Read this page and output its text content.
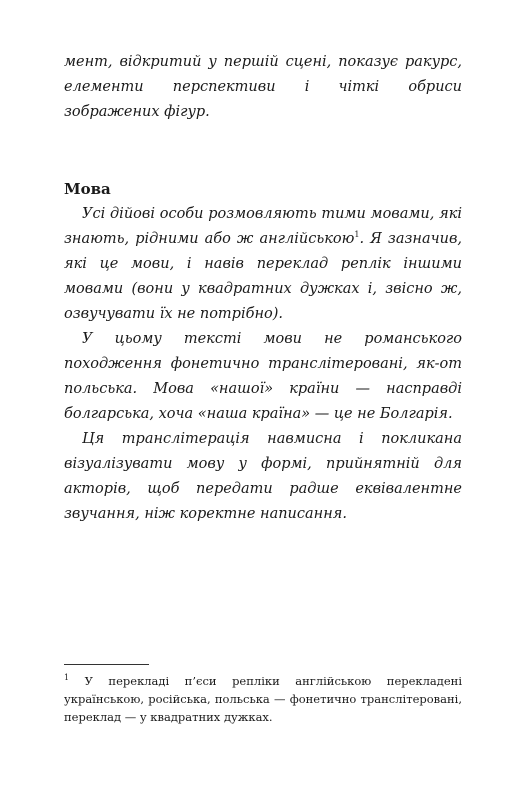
мент, відкритий у першій сцені, показує ракурс, елементи перспективи і чіткі обриси зображених фігур.

Мова

Усі дійові особи розмовляють тими мовами, які знають, рідними або ж англійською$^1$. Я зазначив, які це мови, і навів переклад реплік іншими мовами (вони у квадратних дужках і, звісно ж, озвучувати їх не потрібно).

У цьому тексті мови не романського походження фонетично транслітеровані, як-от польська. Мова «нашої» країни — насправді болгарська, хоча «наша країна» — це не Болгарія.

Ця транслітерація навмисна і покликана візуалізувати мову у формі, прийнятній для акторів, щоб передати радше еквівалентне звучання, ніж коректне написання.

$^1$ У перекладі п’єси репліки англійською перекладені українською, російська, польська — фонетично транслітеровані, переклад — у квадратних дужках.
